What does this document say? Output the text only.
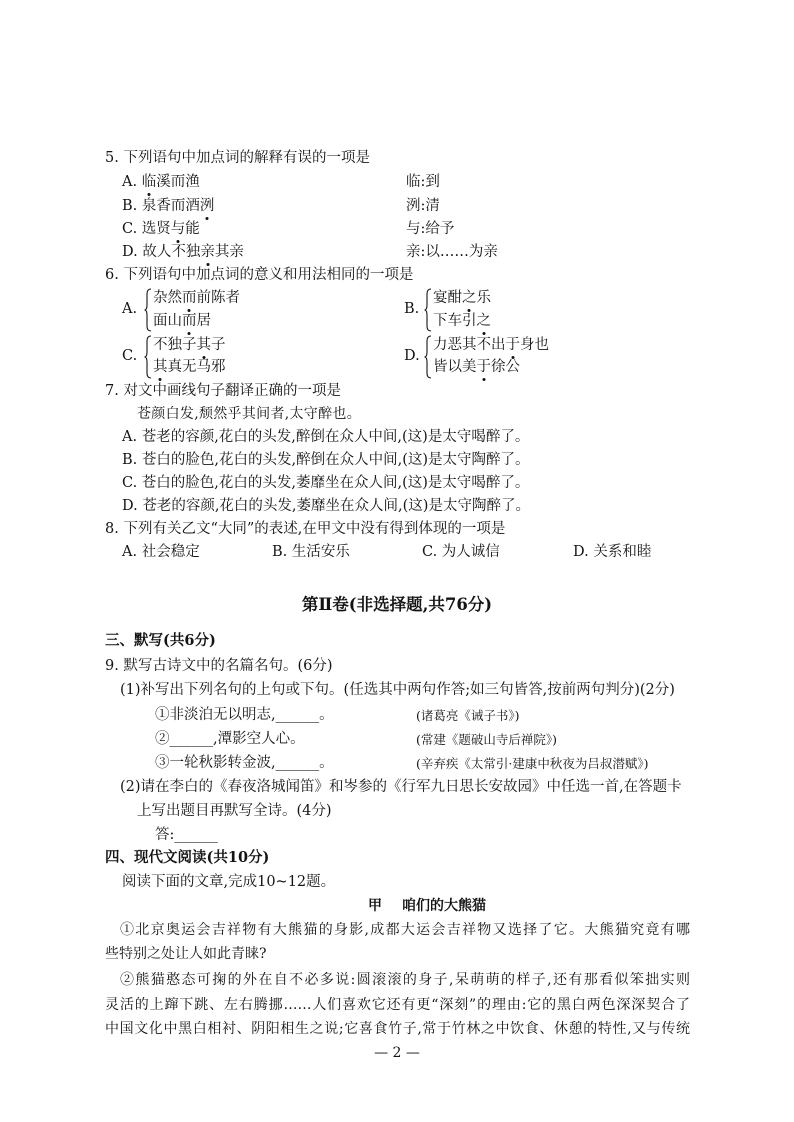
5. 下列语句中加点词的解释有误的一项是
A. 临溪而渔	临:到
B. 泉香而酒洌	洌:清
C. 选贤与能	与:给予
D. 故人不独亲其亲	亲:以……为亲
6. 下列语句中加点词的意义和用法相同的一项是
A.
杂然而前陈者
面山而居
B.
宴酣之乐
下车引之
C.
不独子其子
其真无马邪
D.
力恶其不出于身也
皆以美于徐公
7. 对文中画线句子翻译正确的一项是
苍颜白发,颓然乎其间者,太守醉也。
A. 苍老的容颜,花白的头发,醉倒在众人中间,(这)是太守喝醉了。
B. 苍白的脸色,花白的头发,醉倒在众人中间,(这)是太守陶醉了。
C. 苍白的脸色,花白的头发,萎靡坐在众人间,(这)是太守喝醉了。
D. 苍老的容颜,花白的头发,萎靡坐在众人间,(这)是太守陶醉了。
8. 下列有关乙文“大同”的表述,在甲文中没有得到体现的一项是
A. 社会稳定	B. 生活安乐	C. 为人诚信	D. 关系和睦
第Ⅱ卷(非选择题,共76分)
三、默写(共6分)
9. 默写古诗文中的名篇名句。(6分)
(1)补写出下列名句的上句或下句。(任选其中两句作答;如三句皆答,按前两句判分)(2分)
①非淡泊无以明志,______。	(诸葛亮《诫子书》)
②______,潭影空人心。	(常建《题破山寺后禅院》)
③一轮秋影转金波,______。	(辛弃疾《太常引·建康中秋夜为吕叔潜赋》)
(2)请在李白的《春夜洛城闻笛》和岑参的《行军九日思长安故园》中任选一首,在答题卡
上写出题目再默写全诗。(4分)
答:______
四、现代文阅读(共10分)
阅读下面的文章,完成10~12题。
甲 咱们的大熊猫
①北京奥运会吉祥物有大熊猫的身影,成都大运会吉祥物又选择了它。大熊猫究竟有哪
些特别之处让人如此青睐?
②熊猫憨态可掬的外在自不必多说:圆滚滚的身子,呆萌萌的样子,还有那看似笨拙实则
灵活的上蹿下跳、左右腾挪……人们喜欢它还有更“深刻”的理由:它的黑白两色深深契合了
中国文化中黑白相衬、阴阳相生之说;它喜食竹子,常于竹林之中饮食、休憩的特性,又与传统
— 2 —
